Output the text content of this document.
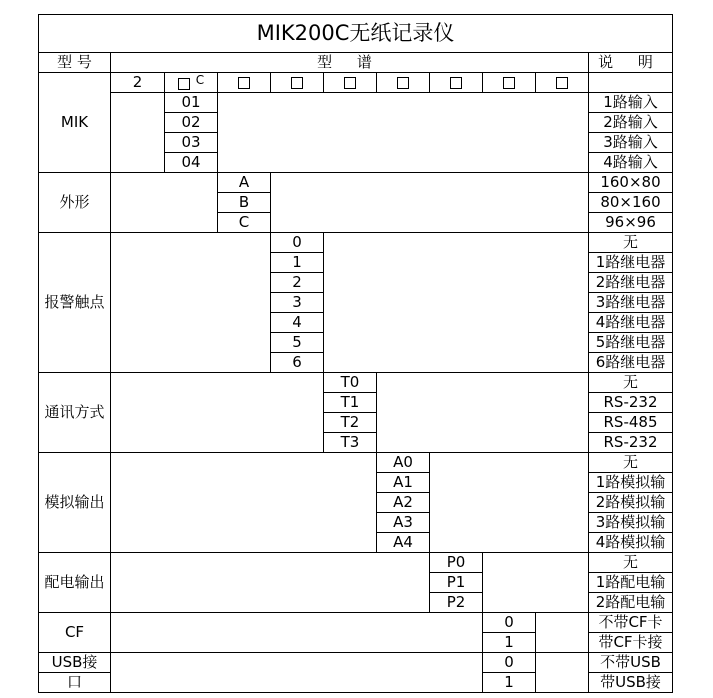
MIK200C无纸记录仪										
型 号	型 谱									说 明
MIK	2	$^C$								
		01								1路输入
		02								2路输入
		03								3路输入
		04								4路输入
外形			A							160×80
			B							80×160
			C							96×96
报警触点				0						无
				1						1路继电器
				2						2路继电器
				3						3路继电器
				4						4路继电器
				5						5路继电器
				6						6路继电器
通讯方式					T0					无
					T1					RS-232
					T2					RS-485
					T3					RS-232
模拟输出						A0				无
						A1				1路模拟输
						A2				2路模拟输
						A3				3路模拟输
						A4				4路模拟输
配电输出							P0			无
							P1			1路配电输
							P2			2路配电输
CF								0		不带CF卡
								1		带CF卡接
USB接								0		不带USB
口								1		带USB接
